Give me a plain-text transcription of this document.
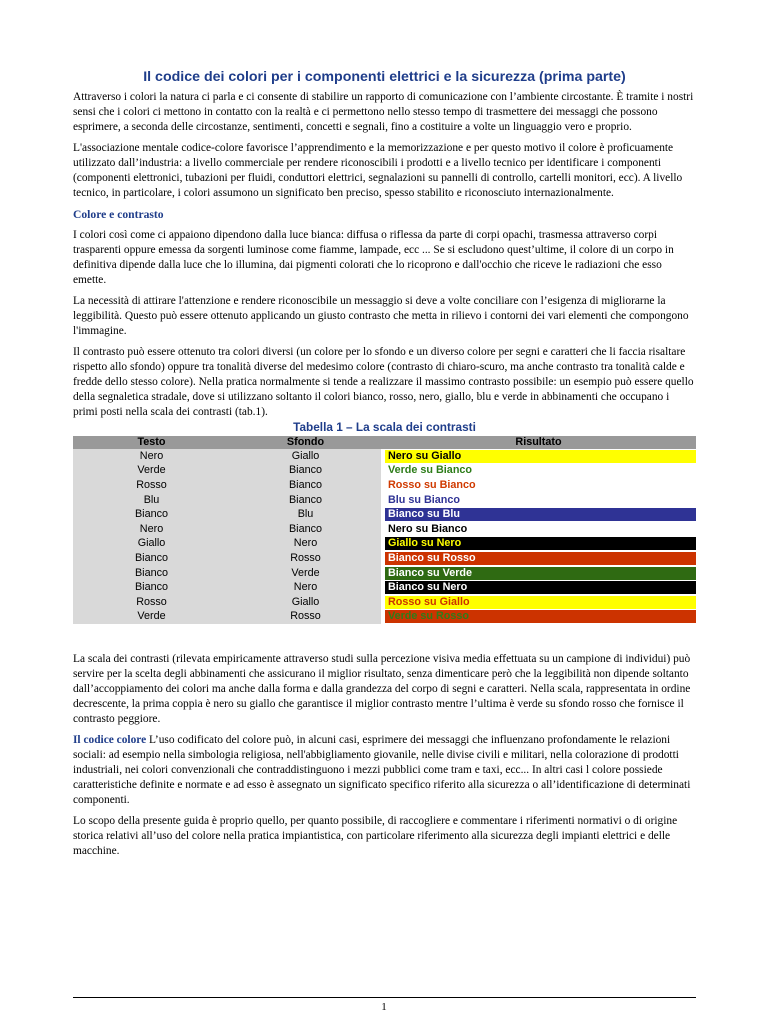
Il codice dei colori per i componenti elettrici e la sicurezza (prima parte)

Attraverso i colori la natura ci parla e ci consente di stabilire un rapporto di comunicazione con l’ambiente circostante. È tramite i nostri sensi che i colori ci mettono in contatto con la realtà e ci permettono nello stesso tempo di trasmettere dei messaggi che possono esprimere, a seconda delle circostanze, sentimenti, concetti e segnali, fino a costituire a volte un linguaggio vero e proprio.

L'associazione mentale codice-colore favorisce l’apprendimento e la memorizzazione e per questo motivo il colore è proficuamente utilizzato dall’industria: a livello commerciale per rendere riconoscibili i prodotti e a livello tecnico per identificare i componenti (componenti elettronici, tubazioni per fluidi, conduttori elettrici, segnalazioni su pannelli di controllo, cartelli monitori, ecc). A livello tecnico, in particolare, i colori assumono un significato ben preciso, spesso stabilito e riconosciuto internazionalmente.

Colore e contrasto

I colori così come ci appaiono dipendono dalla luce bianca: diffusa o riflessa da parte di corpi opachi, trasmessa attraverso corpi trasparenti oppure emessa da sorgenti luminose come fiamme, lampade, ecc ... Se si escludono quest’ultime, il colore di un corpo in definitiva dipende dalla luce che lo illumina, dai pigmenti colorati che lo ricoprono e dall'occhio che riceve le radiazioni che esso emette.

La necessità di attirare l'attenzione e rendere riconoscibile un messaggio si deve a volte conciliare con l’esigenza di migliorarne la leggibilità. Questo può essere ottenuto applicando un giusto contrasto che metta in rilievo i contorni dei vari elementi che compongono l'immagine.

Il contrasto può essere ottenuto tra colori diversi (un colore per lo sfondo e un diverso colore per segni e caratteri che li faccia risaltare rispetto allo sfondo) oppure tra tonalità diverse del medesimo colore (contrasto di chiaro-scuro, ma anche contrasto tra tonalità calde e fredde dello stesso colore). Nella pratica normalmente si tende a realizzare il massimo contrasto possibile: un esempio può essere quello della segnaletica stradale, dove si utilizzano soltanto il colori bianco, rosso, nero, giallo, blu e verde in abbinamenti che occupano i primi posti nella scala dei contrasti (tab.1).

Tabella 1 – La scala dei contrasti
Testo	Sfondo	Risultato
Nero	Giallo	Nero su Giallo

Verde	Bianco	Verde su Bianco

Rosso	Bianco	Rosso su Bianco

Blu	Bianco	Blu su Bianco

Bianco	Blu	Bianco su Blu

Nero	Bianco	Nero su Bianco

Giallo	Nero	Giallo su Nero

Bianco	Rosso	Bianco su Rosso

Bianco	Verde	Bianco su Verde

Bianco	Nero	Bianco su Nero

Rosso	Giallo	Rosso su Giallo

Verde	Rosso	Verde su Rosso

La scala dei contrasti (rilevata empiricamente attraverso studi sulla percezione visiva media effettuata su un campione di individui) può servire per la scelta degli abbinamenti che assicurano il miglior risultato, senza dimenticare però che la leggibilità non dipende soltanto dall’accoppiamento dei colori ma anche dalla forma e dalla grandezza del corpo di segni e caratteri. Nella scala, rappresentata in ordine decrescente, la prima coppia è nero su giallo che garantisce il miglior contrasto mentre l’ultima è verde su sfondo rosso che fornisce il contrasto peggiore.

Il codice colore L’uso codificato del colore può, in alcuni casi, esprimere dei messaggi che influenzano profondamente le relazioni sociali: ad esempio nella simbologia religiosa, nell'abbigliamento giovanile, nelle divise civili e militari, nella colorazione di prodotti industriali, nei colori convenzionali che contraddistinguono i mezzi pubblici come tram e taxi, ecc... In altri casi l colore possiede caratteristiche definite e normate e ad esso è assegnato un significato specifico riferito alla sicurezza o all’identificazione di determinati componenti.

Lo scopo della presente guida è proprio quello, per quanto possibile, di raccogliere e commentare i riferimenti normativi o di origine storica relativi all’uso del colore nella pratica impiantistica, con particolare riferimento alla sicurezza degli impianti elettrici e delle macchine.

1
